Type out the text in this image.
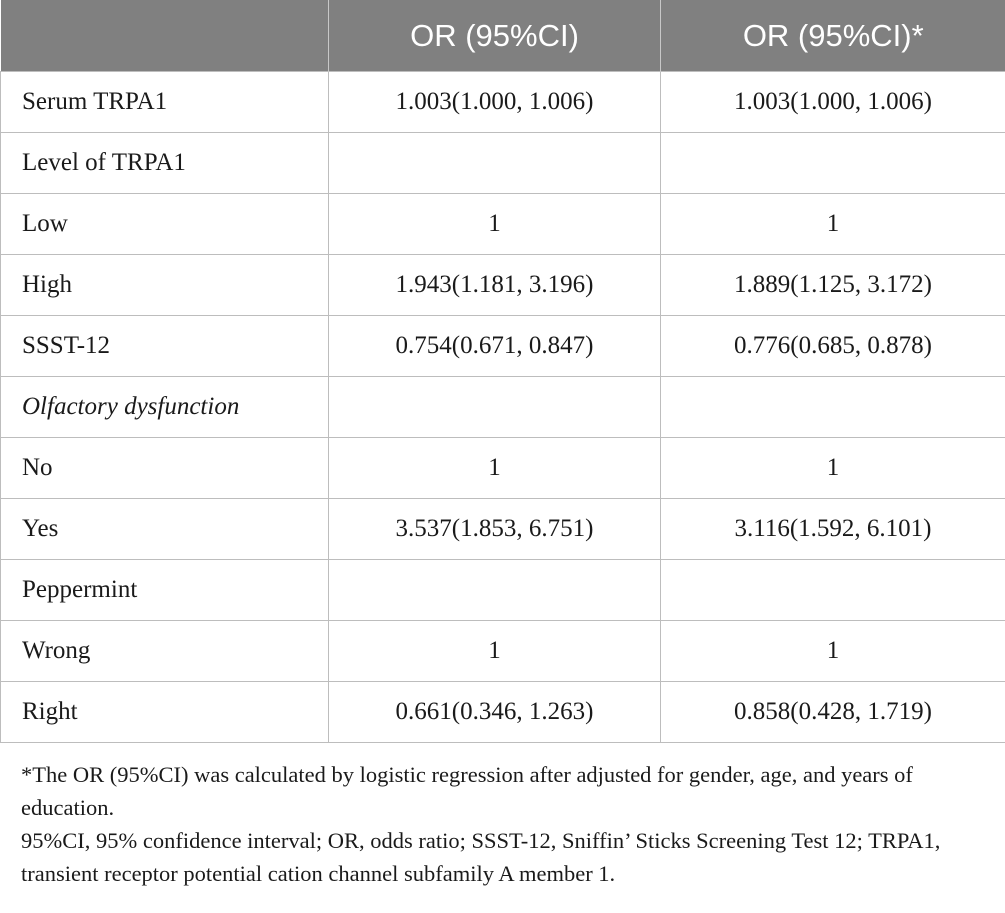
	OR (95%CI)	OR (95%CI)*
Serum TRPA1	1.003(1.000, 1.006)	1.003(1.000, 1.006)
Level of TRPA1		
Low	1	1
High	1.943(1.181, 3.196)	1.889(1.125, 3.172)
SSST-12	0.754(0.671, 0.847)	0.776(0.685, 0.878)
Olfactory dysfunction		
No	1	1
Yes	3.537(1.853, 6.751)	3.116(1.592, 6.101)
Peppermint		
Wrong	1	1
Right	0.661(0.346, 1.263)	0.858(0.428, 1.719)

*The OR (95%CI) was calculated by logistic regression after adjusted for gender, age, and years of education.

95%CI, 95% confidence interval; OR, odds ratio; SSST-12, Sniffin’ Sticks Screening Test 12; TRPA1, transient receptor potential cation channel subfamily A member 1.
